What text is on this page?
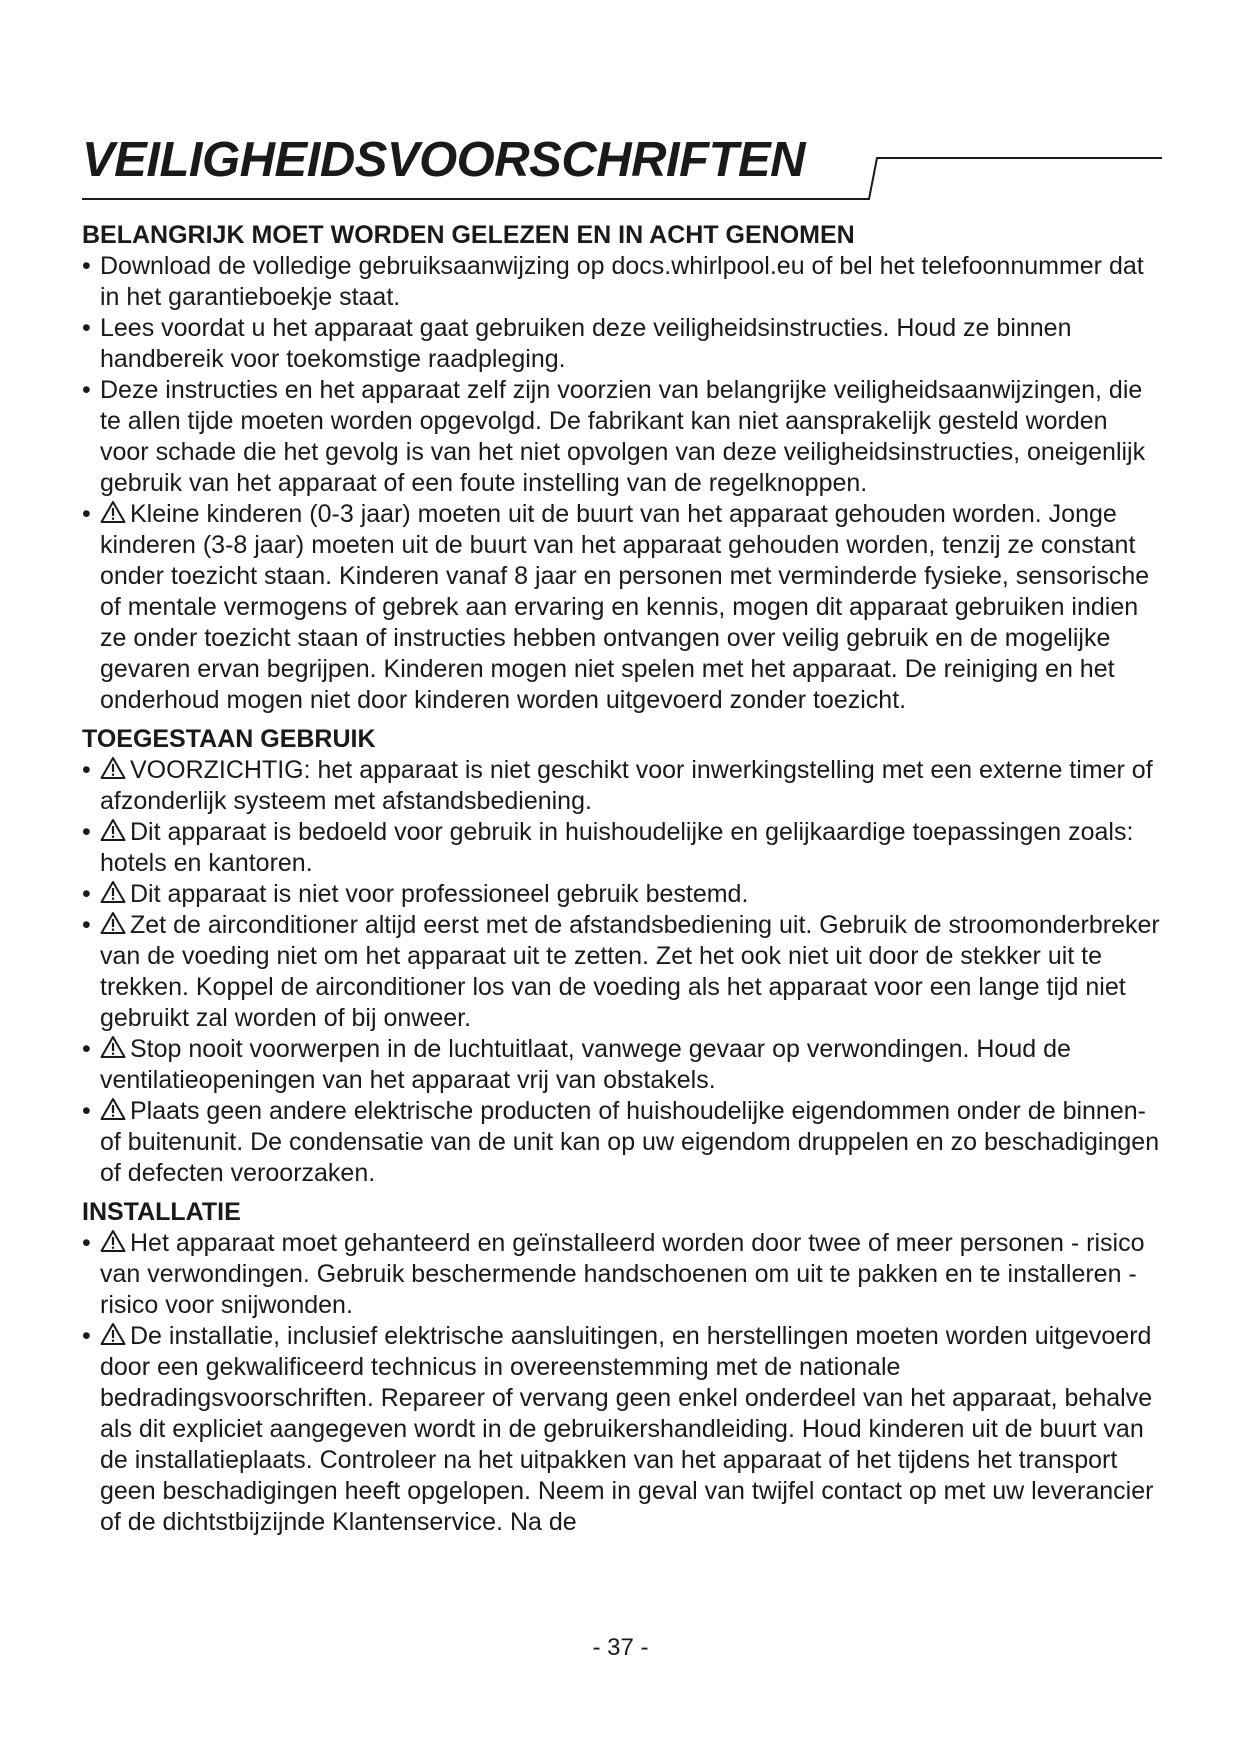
VEILIGHEIDSVOORSCHRIFTEN
BELANGRIJK MOET WORDEN GELEZEN EN IN ACHT GENOMEN
• Download de volledige gebruiksaanwijzing op docs.whirlpool.eu of bel het telefoonnummer dat in het garantieboekje staat.
• Lees voordat u het apparaat gaat gebruiken deze veiligheidsinstructies. Houd ze binnen handbereik voor toekomstige raadpleging.
• Deze instructies en het apparaat zelf zijn voorzien van belangrijke veiligheidsaanwijzingen, die te allen tijde moeten worden opgevolgd. De fabrikant kan niet aansprakelijk gesteld worden voor schade die het gevolg is van het niet opvolgen van deze veiligheidsinstructies, oneigenlijk gebruik van het apparaat of een foute instelling van de regelknoppen.
• Kleine kinderen (0-3 jaar) moeten uit de buurt van het apparaat gehouden worden. Jonge kinderen (3-8 jaar) moeten uit de buurt van het apparaat gehouden worden, tenzij ze constant onder toezicht staan. Kinderen vanaf 8 jaar en personen met verminderde fysieke, sensorische of mentale vermogens of gebrek aan ervaring en kennis, mogen dit apparaat gebruiken indien ze onder toezicht staan of instructies hebben ontvangen over veilig gebruik en de mogelijke gevaren ervan begrijpen. Kinderen mogen niet spelen met het apparaat. De reiniging en het onderhoud mogen niet door kinderen worden uitgevoerd zonder toezicht.
TOEGESTAAN GEBRUIK
• VOORZICHTIG: het apparaat is niet geschikt voor inwerkingstelling met een externe timer of afzonderlijk systeem met afstandsbediening.
• Dit apparaat is bedoeld voor gebruik in huishoudelijke en gelijkaardige toepassingen zoals: hotels en kantoren.
• Dit apparaat is niet voor professioneel gebruik bestemd.
• Zet de airconditioner altijd eerst met de afstandsbediening uit. Gebruik de stroomonderbreker van de voeding niet om het apparaat uit te zetten. Zet het ook niet uit door de stekker uit te trekken. Koppel de airconditioner los van de voeding als het apparaat voor een lange tijd niet gebruikt zal worden of bij onweer.
• Stop nooit voorwerpen in de luchtuitlaat, vanwege gevaar op verwondingen. Houd de ventilatieopeningen van het apparaat vrij van obstakels.
• Plaats geen andere elektrische producten of huishoudelijke eigendommen onder de binnen- of buitenunit. De condensatie van de unit kan op uw eigendom druppelen en zo beschadigingen of defecten veroorzaken.
INSTALLATIE
• Het apparaat moet gehanteerd en geïnstalleerd worden door twee of meer personen - risico van verwondingen. Gebruik beschermende handschoenen om uit te pakken en te installeren - risico voor snijwonden.
• De installatie, inclusief elektrische aansluitingen, en herstellingen moeten worden uitgevoerd door een gekwalificeerd technicus in overeenstemming met de nationale bedradingsvoorschriften. Repareer of vervang geen enkel onderdeel van het apparaat, behalve als dit expliciet aangegeven wordt in de gebruikershandleiding. Houd kinderen uit de buurt van de installatieplaats. Controleer na het uitpakken van het apparaat of het tijdens het transport geen beschadigingen heeft opgelopen. Neem in geval van twijfel contact op met uw leverancier of de dichtstbijzijnde Klantenservice. Na de
- 37 -
